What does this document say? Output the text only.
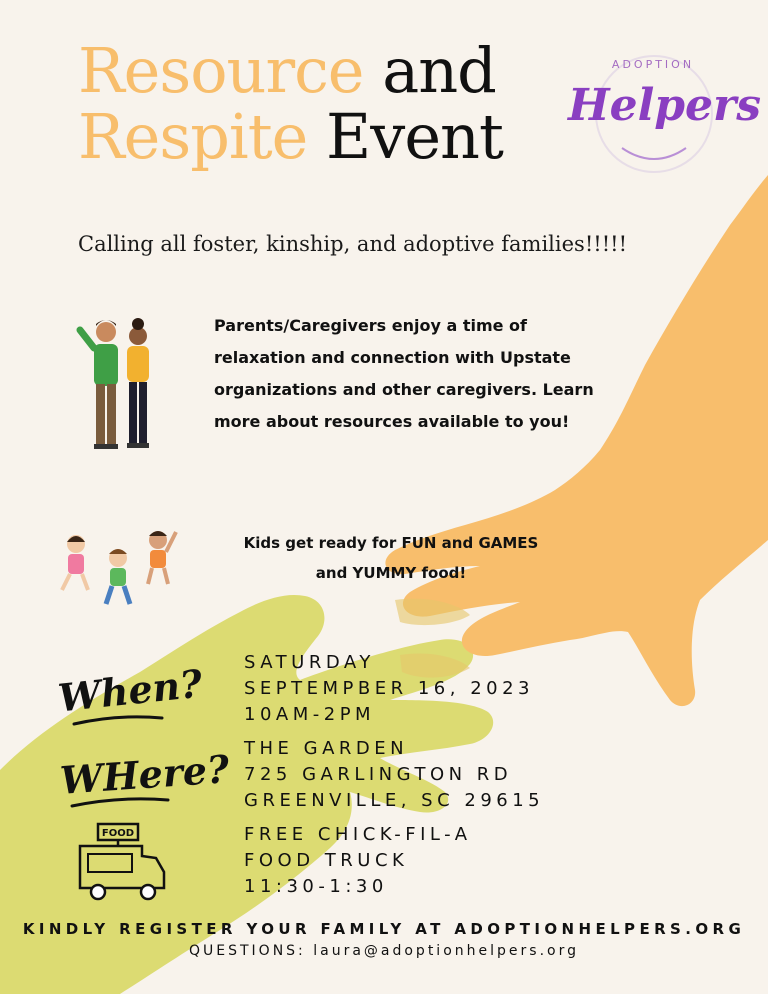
Resource and
Respite Event
ADOPTION
Helpers
Calling all foster, kinship, and adoptive families!!!!!
Parents/Caregivers enjoy a time of relaxation and connection with Upstate organizations and other caregivers. Learn more about resources available to you!
Kids get ready for FUN and GAMES
and YUMMY food!
When? SATURDAY
SEPTEMPBER 16, 2023
10AM-2PM
WHere? THE GARDEN
725 GARLINGTON RD
GREENVILLE, SC 29615
FOOD	FREE CHICK-FIL-A
FOOD TRUCK
11:30-1:30
KINDLY REGISTER YOUR FAMILY AT ADOPTIONHELPERS.ORG
QUESTIONS: laura@adoptionhelpers.org
